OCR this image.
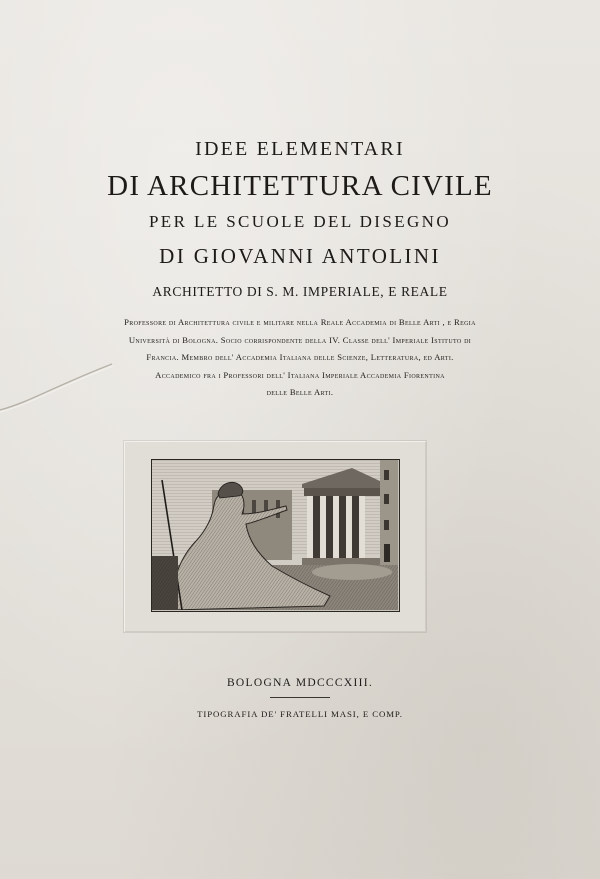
IDEE ELEMENTARI
DI ARCHITETTURA CIVILE
PER LE SCUOLE DEL DISEGNO
DI GIOVANNI ANTOLINI
ARCHITETTO DI S. M. IMPERIALE, E REALE
Professore di Architettura civile e militare nella Reale Accademia di Belle Arti , e Regia
Università di Bologna. Socio corrispondente della IV. Classe dell' Imperiale Istituto di
Francia. Membro dell' Accademia Italiana delle Scienze, Letteratura, ed Arti.
Accademico fra i Professori dell' Italiana Imperiale Accademia Fiorentina
delle Belle Arti.
BOLOGNA MDCCCXIII.
TIPOGRAFIA DE' FRATELLI MASI, E COMP.
